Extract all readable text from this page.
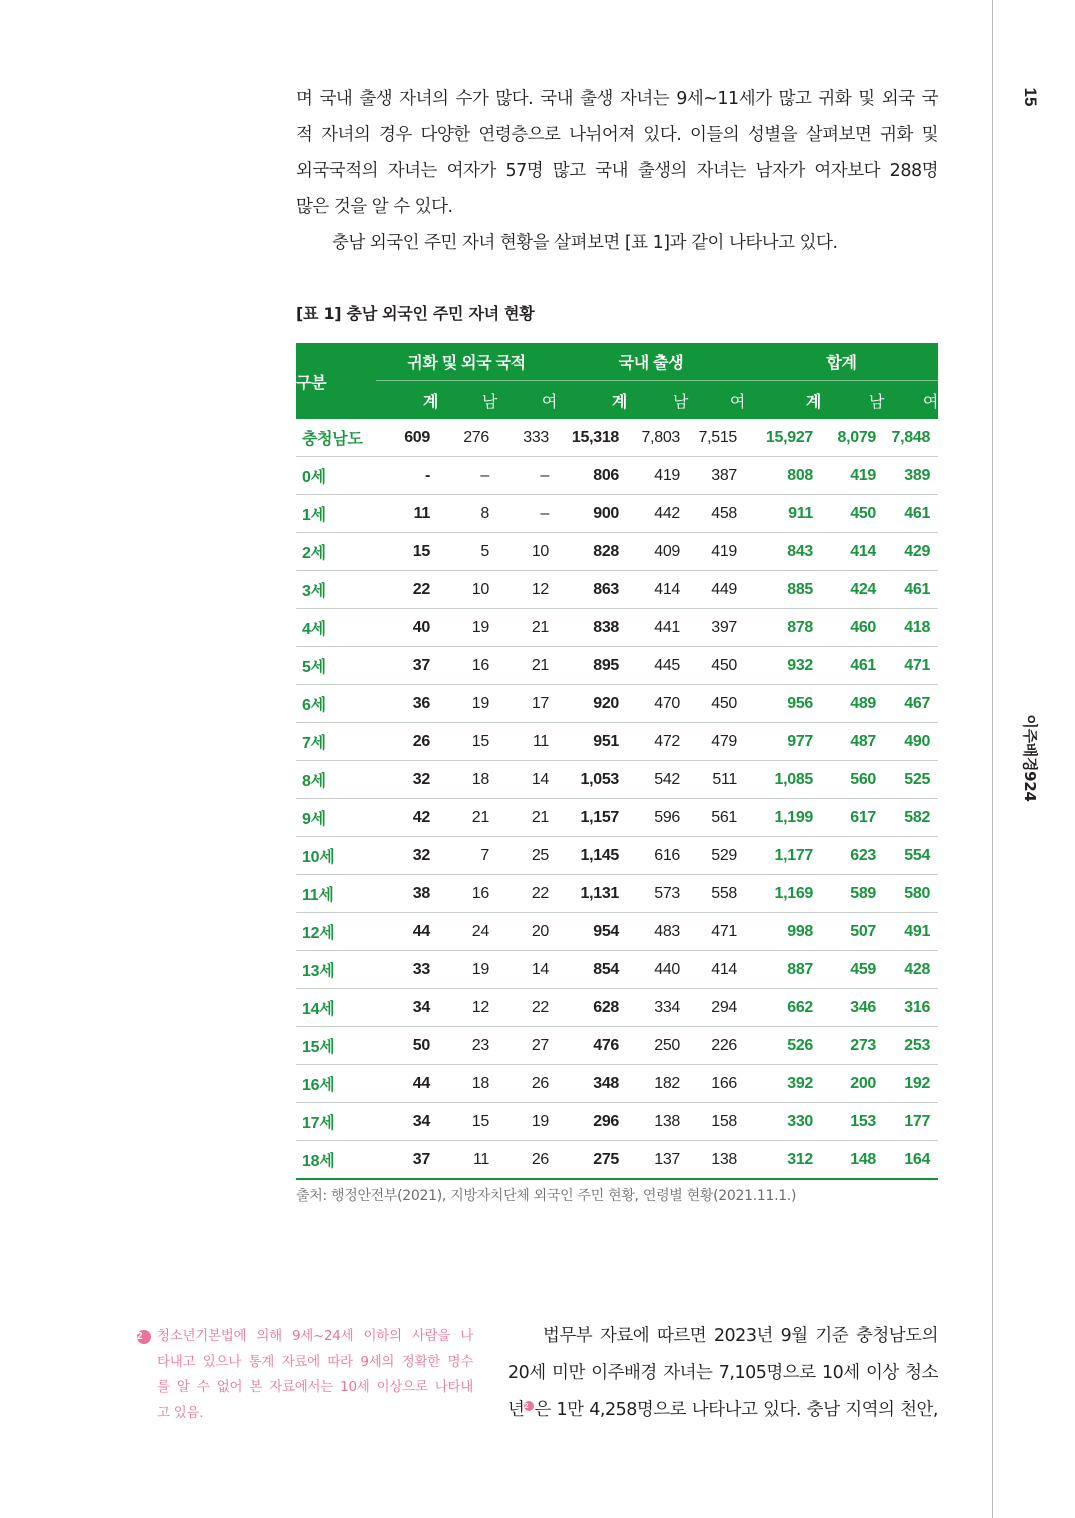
15
이주배경924
며 국내 출생 자녀의 수가 많다. 국내 출생 자녀는 9세~11세가 많고 귀화 및 외국 국
적 자녀의 경우 다양한 연령층으로 나뉘어져 있다. 이들의 성별을 살펴보면 귀화 및
외국국적의 자녀는 여자가 57명 많고 국내 출생의 자녀는 남자가 여자보다 288명
많은 것을 알 수 있다.
충남 외국인 주민 자녀 현황을 살펴보면 [표 1]과 같이 나타나고 있다.
[표 1] 충남 외국인 주민 자녀 현황
구분	귀화 및 외국 국적			국내 출생			합계		
	계	남	여	계	남	여	계	남	여
충청남도	609	276	333	15,318	7,803	7,515	15,927	8,079	7,848
0세	-	–	–	806	419	387	808	419	389
1세	11	8	–	900	442	458	911	450	461
2세	15	5	10	828	409	419	843	414	429
3세	22	10	12	863	414	449	885	424	461
4세	40	19	21	838	441	397	878	460	418
5세	37	16	21	895	445	450	932	461	471
6세	36	19	17	920	470	450	956	489	467
7세	26	15	11	951	472	479	977	487	490
8세	32	18	14	1,053	542	511	1,085	560	525
9세	42	21	21	1,157	596	561	1,199	617	582
10세	32	7	25	1,145	616	529	1,177	623	554
11세	38	16	22	1,131	573	558	1,169	589	580
12세	44	24	20	954	483	471	998	507	491
13세	33	19	14	854	440	414	887	459	428
14세	34	12	22	628	334	294	662	346	316
15세	50	23	27	476	250	226	526	273	253
16세	44	18	26	348	182	166	392	200	192
17세	34	15	19	296	138	158	330	153	177
18세	37	11	26	275	137	138	312	148	164
출처: 행정안전부(2021), 지방자치단체 외국인 주민 현황, 연령별 현황(2021.11.1.)
2 청소년기본법에 의해 9세~24세 이하의 사람을 나
타내고 있으나 통계 자료에 따라 9세의 정확한 명수
를 알 수 없어 본 자료에서는 10세 이상으로 나타내
고 있음.
법무부 자료에 따르면 2023년 9월 기준 충청남도의
20세 미만 이주배경 자녀는 7,105명으로 10세 이상 청소
년2 은 1만 4,258명으로 나타나고 있다. 충남 지역의 천안,
